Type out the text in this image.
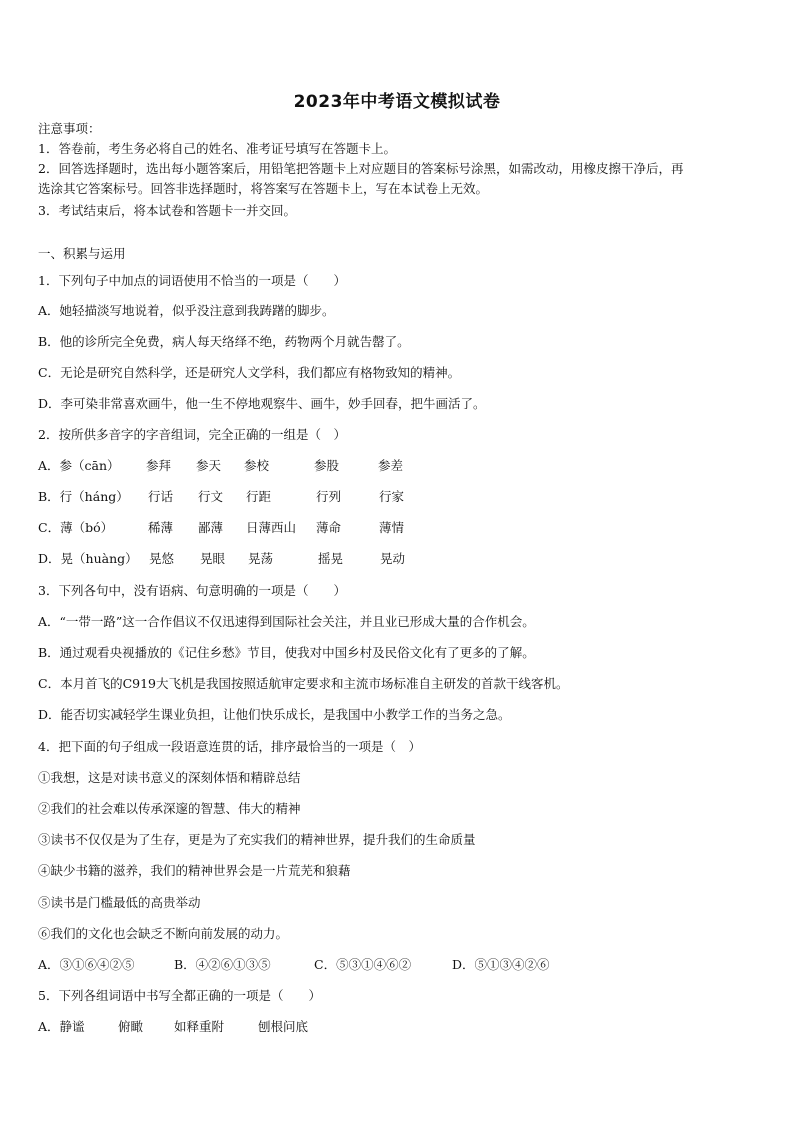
2023年中考语文模拟试卷
注意事项：
1．答卷前，考生务必将自己的姓名、准考证号填写在答题卡上。
2．回答选择题时，选出每小题答案后，用铅笔把答题卡上对应题目的答案标号涂黑，如需改动，用橡皮擦干净后，再
选涂其它答案标号。回答非选择题时，将答案写在答题卡上，写在本试卷上无效。
3．考试结束后，将本试卷和答题卡一并交回。
一、积累与运用
1．下列句子中加点的词语使用不恰当的一项是（　　）
A．她轻描淡写地说着，似乎没注意到我踌躇的脚步。
B．他的诊所完全免费，病人每天络绎不绝，药物两个月就告罄了。
C．无论是研究自然科学，还是研究人文学科，我们都应有格物致知的精神。
D．李可染非常喜欢画牛，他一生不停地观察牛、画牛，妙手回春，把牛画活了。
2．按所供多音字的字音组词，完全正确的一组是（　）
A．参（cān） 参拜 参天 参校	参股	参差
B．行（háng） 行话 行文 行距	行列	行家
C．薄（bó）	稀薄 鄙薄 日薄西山 薄命	薄情
D．晃（huàng） 晃悠 晃眼 晃荡	摇晃	晃动
3．下列各句中，没有语病、句意明确的一项是（　　）
A．“一带一路”这一合作倡议不仅迅速得到国际社会关注，并且业已形成大量的合作机会。
B．通过观看央视播放的《记住乡愁》节目，使我对中国乡村及民俗文化有了更多的了解。
C．本月首飞的C919大飞机是我国按照适航审定要求和主流市场标准自主研发的首款干线客机。
D．能否切实减轻学生课业负担，让他们快乐成长，是我国中小教学工作的当务之急。
4．把下面的句子组成一段语意连贯的话，排序最恰当的一项是（　）
①我想，这是对读书意义的深刻体悟和精辟总结
②我们的社会难以传承深邃的智慧、伟大的精神
③读书不仅仅是为了生存，更是为了充实我们的精神世界，提升我们的生命质量
④缺少书籍的滋养，我们的精神世界会是一片荒芜和狼藉
⑤读书是门槛最低的高贵举动
⑥我们的文化也会缺乏不断向前发展的动力。
A．③①⑥④②⑤	B．④②⑥①③⑤	C．⑤③①④⑥②	D．⑤①③④②⑥
5．下列各组词语中书写全都正确的一项是（　　）
A．静谧	俯瞰 如释重附	刨根问底
